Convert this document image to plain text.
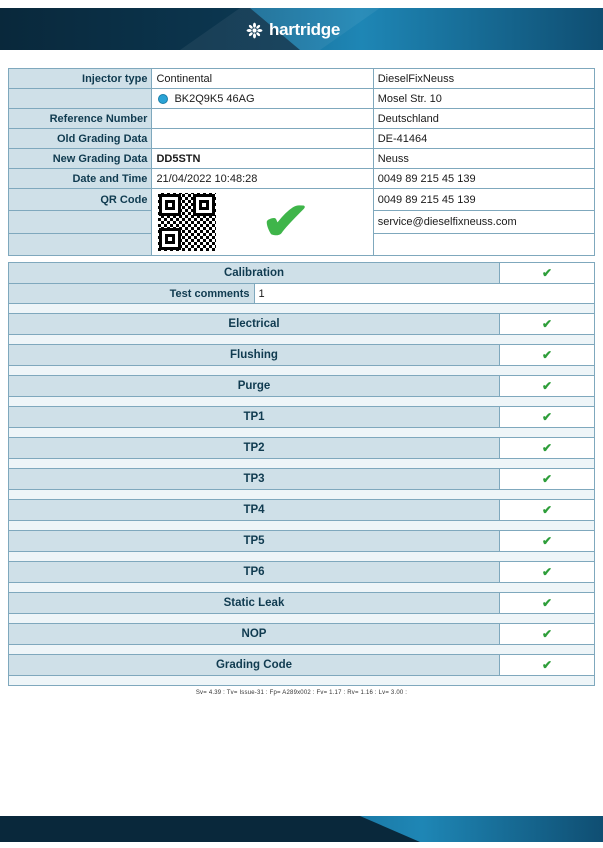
hartridge
Injector type	Continental	DieselFixNeuss

	BK2Q9K5 46AG	Mosel Str. 10
Reference Number		Deutschland
Old Grading Data		DE-41464
New Grading Data	DD5STN	Neuss
Date and Time	21/04/2022 10:48:28	0049 89 215 45 139
QR Code	✔	0049 89 215 45 139
		service@dieselfixneuss.com

Calibration		✔
Test comments	1	

Electrical		✔

Flushing		✔

Purge		✔

TP1		✔

TP2		✔

TP3		✔

TP4		✔

TP5		✔

TP6		✔

Static Leak		✔

NOP		✔

Grading Code		✔

Sv= 4.39 : Tv= Issue-31 : Fp= A289x002 : Fv= 1.17 : Rv= 1.16 : Lv= 3.00 :
